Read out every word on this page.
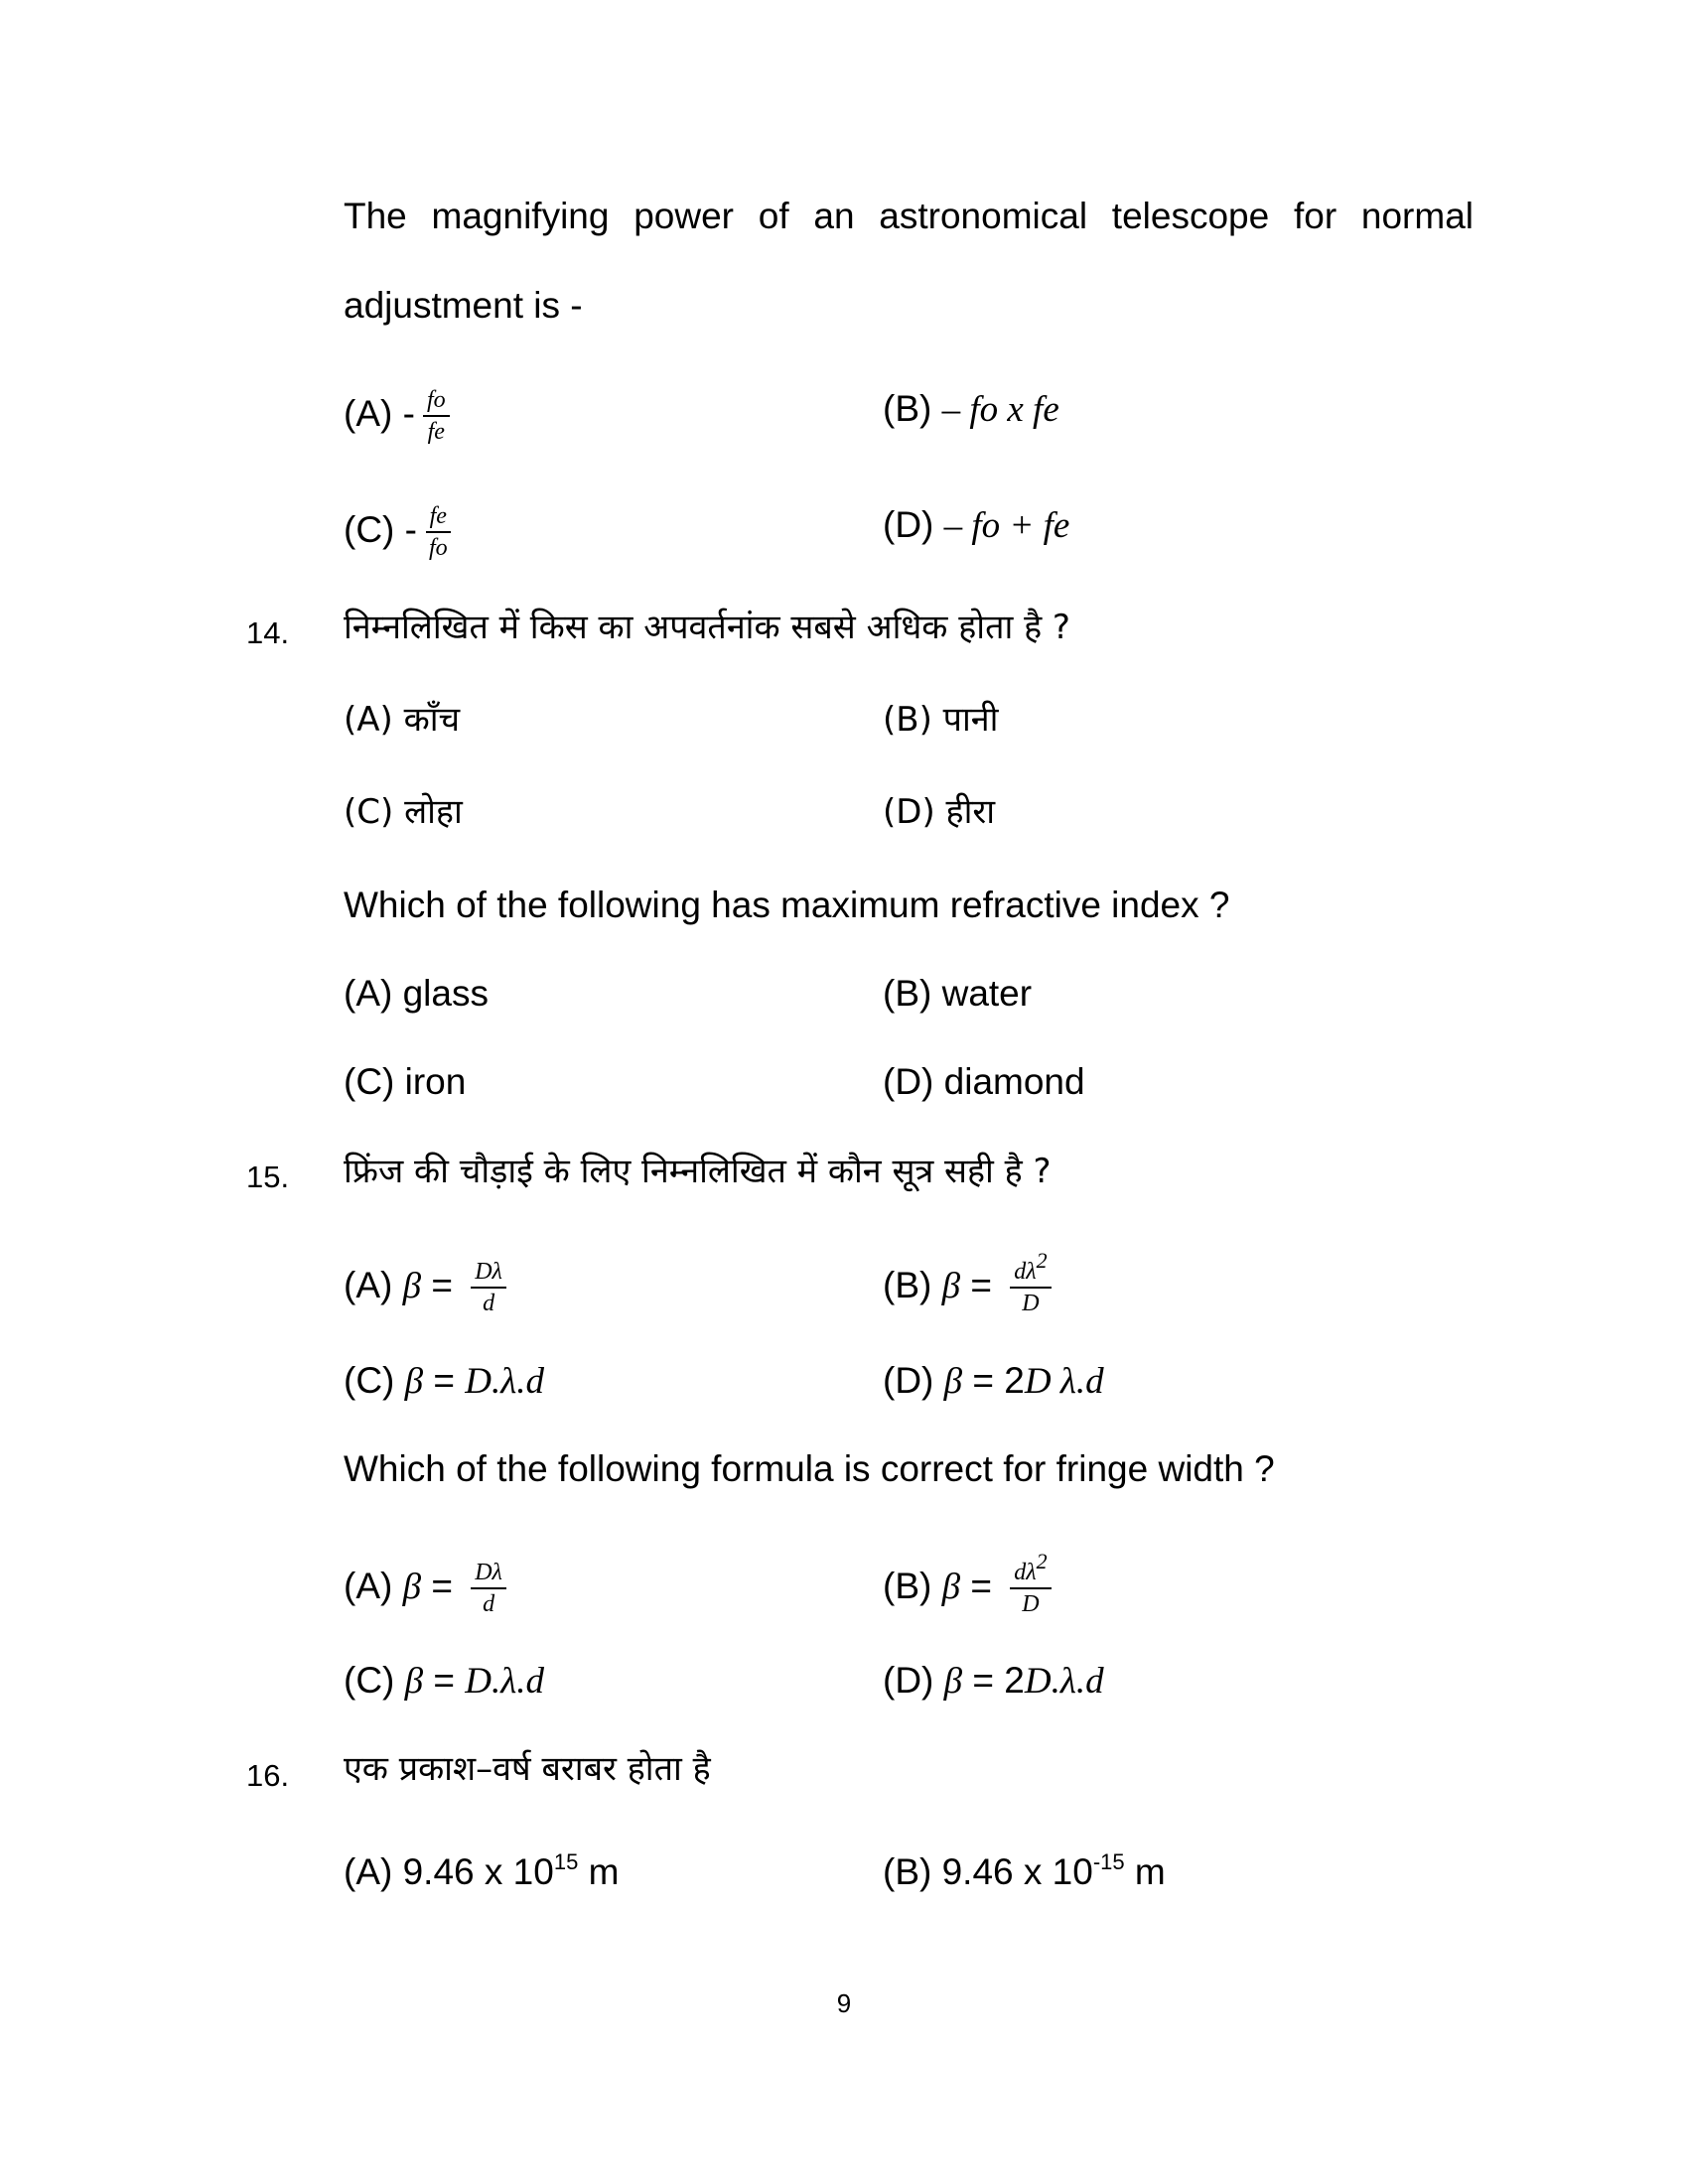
The magnifying power of an astronomical telescope for normal
adjustment is -
$(A) - \frac{fo}{fe}$	(B) – fo x fe
$(C) - \frac{fe}{fo}$	(D) – fo + fe
14. निम्नलिखित में किस का अपवर्तनांक सबसे अधिक होता है ?
(A) काँच	(B) पानी
(C) लोहा	(D) हीरा
Which of the following has maximum refractive index ?
(A) glass	(B) water
(C) iron	(D) diamond
15. फ्रिंज की चौड़ाई के लिए निम्नलिखित में कौन सूत्र सही है ?
(A) $\beta = \frac{D\lambda}{d}$	(B) $\beta = \frac{d\lambda^2}{D}$
(C) β = D.λ.d	(D) β = 2D λ.d
Which of the following formula is correct for fringe width ?
(A) $\beta = \frac{D\lambda}{d}$	(B) $\beta = \frac{d\lambda^2}{D}$
(C) β = D.λ.d	(D) β = 2D.λ.d
16. एक प्रकाश–वर्ष बराबर होता है
(A) 9.46 x $10^{15}$ m	(B) 9.46 x $10^{-15}$ m
9
